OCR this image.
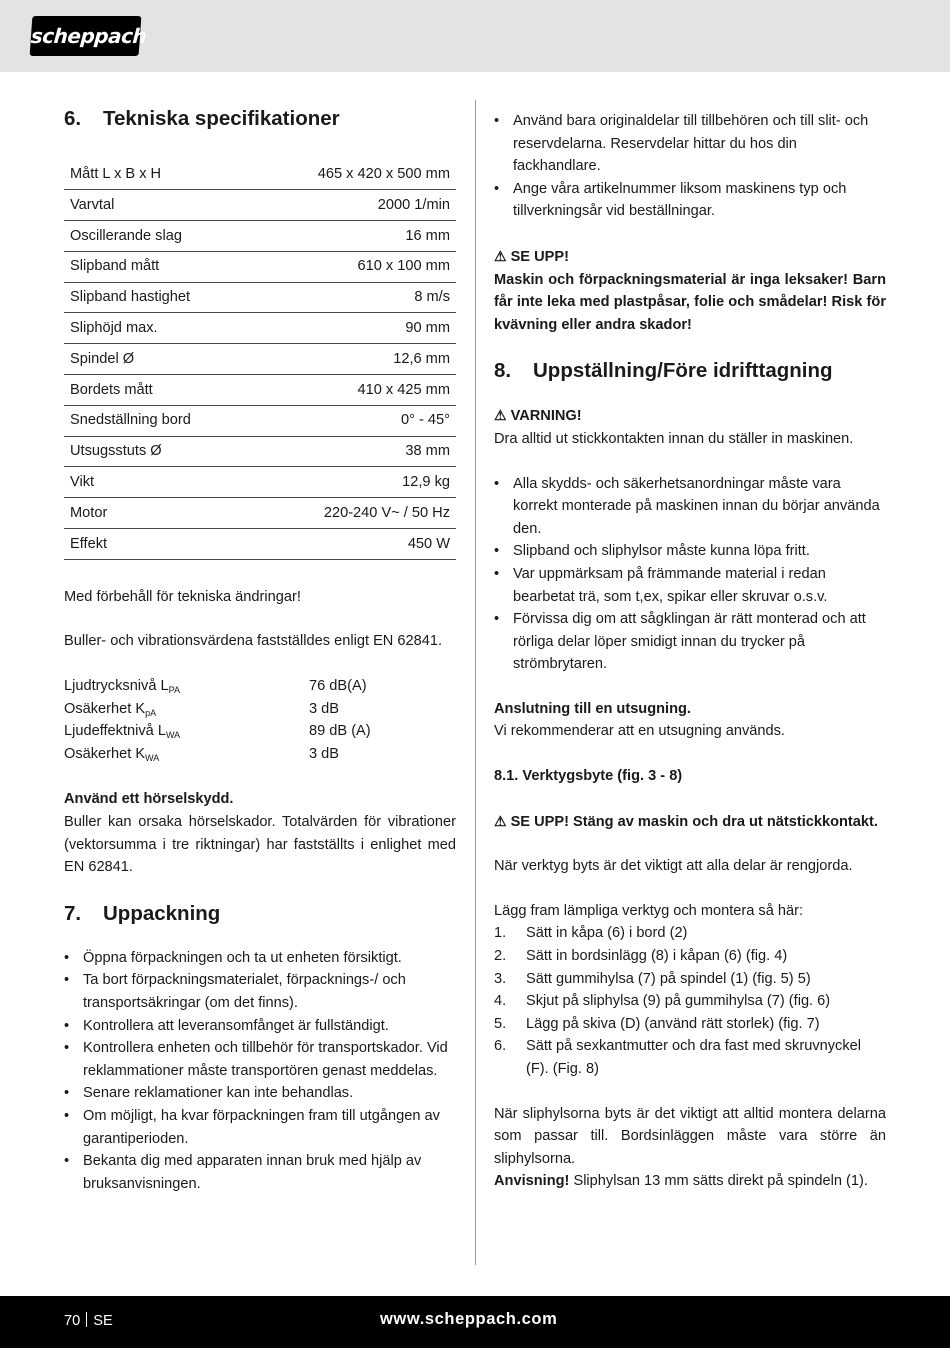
scheppach
6.	Tekniska specifikationer
Mått L x B x H	465 x 420 x 500 mm
Varvtal	2000 1/min
Oscillerande slag	16 mm
Slipband mått	610 x 100 mm
Slipband hastighet	8 m/s
Sliphöjd max.	90 mm
Spindel Ø	12,6 mm
Bordets mått	410 x 425 mm
Snedställning bord	0° - 45°
Utsugsstuts Ø	38 mm
Vikt	12,9 kg
Motor	220-240 V~ / 50 Hz
Effekt	450 W

Med förbehåll för tekniska ändringar!

Buller- och vibrationsvärdena fastställdes enligt EN 62841.

Ljudtrycksnivå $L_{PA}$	76 dB(A)
Osäkerhet $K_{pA}$	3 dB
Ljudeffektnivå $L_{WA}$	89 dB (A)
Osäkerhet $K_{WA}$	3 dB

Använd ett hörselskydd.

Buller kan orsaka hörselskador. Totalvärden för vibrationer (vektorsumma i tre riktningar) har fastställts i enlighet med EN 62841.

7.	Uppackning
• Öppna förpackningen och ta ut enheten försiktigt.
• Ta bort förpackningsmaterialet, förpacknings-/ och transportsäkringar (om det finns).
• Kontrollera att leveransomfånget är fullständigt.
• Kontrollera enheten och tillbehör för transportskador. Vid reklammationer måste transportören genast meddelas.
• Senare reklamationer kan inte behandlas.
• Om möjligt, ha kvar förpackningen fram till utgången av garantiperioden.
• Bekanta dig med apparaten innan bruk med hjälp av bruksanvisningen.
• Använd bara originaldelar till tillbehören och till slit- och reservdelarna. Reservdelar hittar du hos din fackhandlare.
• Ange våra artikelnummer liksom maskinens typ och tillverkningsår vid beställningar.

⚠ SE UPP!

Maskin och förpackningsmaterial är inga leksaker! Barn får inte leka med plastpåsar, folie och smådelar! Risk för kvävning eller andra skador!

8.	Uppställning/Före idrifttagning

⚠ VARNING!

Dra alltid ut stickkontakten innan du ställer in maskinen.

• Alla skydds- och säkerhetsanordningar måste vara korrekt monterade på maskinen innan du börjar använda den.
• Slipband och sliphylsor måste kunna löpa fritt.
• Var uppmärksam på främmande material i redan bearbetat trä, som t,ex, spikar eller skruvar o.s.v.
• Förvissa dig om att sågklingan är rätt monterad och att rörliga delar löper smidigt innan du trycker på strömbrytaren.

Anslutning till en utsugning.

Vi rekommenderar att en utsugning används.

8.1. Verktygsbyte (fig. 3 - 8)

⚠ SE UPP! Stäng av maskin och dra ut nätstickkontakt.

När verktyg byts är det viktigt att alla delar är rengjorda.

Lägg fram lämpliga verktyg och montera så här:

1. Sätt in kåpa (6) i bord (2)
2. Sätt in bordsinlägg (8) i kåpan (6) (fig. 4)
3. Sätt gummihylsa (7) på spindel (1) (fig. 5) 5)
4. Skjut på sliphylsa (9) på gummihylsa (7) (fig. 6)
5. Lägg på skiva (D) (använd rätt storlek) (fig. 7)
6. Sätt på sexkantmutter och dra fast med skruvnyckel (F). (Fig. 8)

När sliphylsorna byts är det viktigt att alltid montera delarna som passar till. Bordsinläggen måste vara större än sliphylsorna.

Anvisning! Sliphylsan 13 mm sätts direkt på spindeln (1).

70 SE	www.scheppach.com
